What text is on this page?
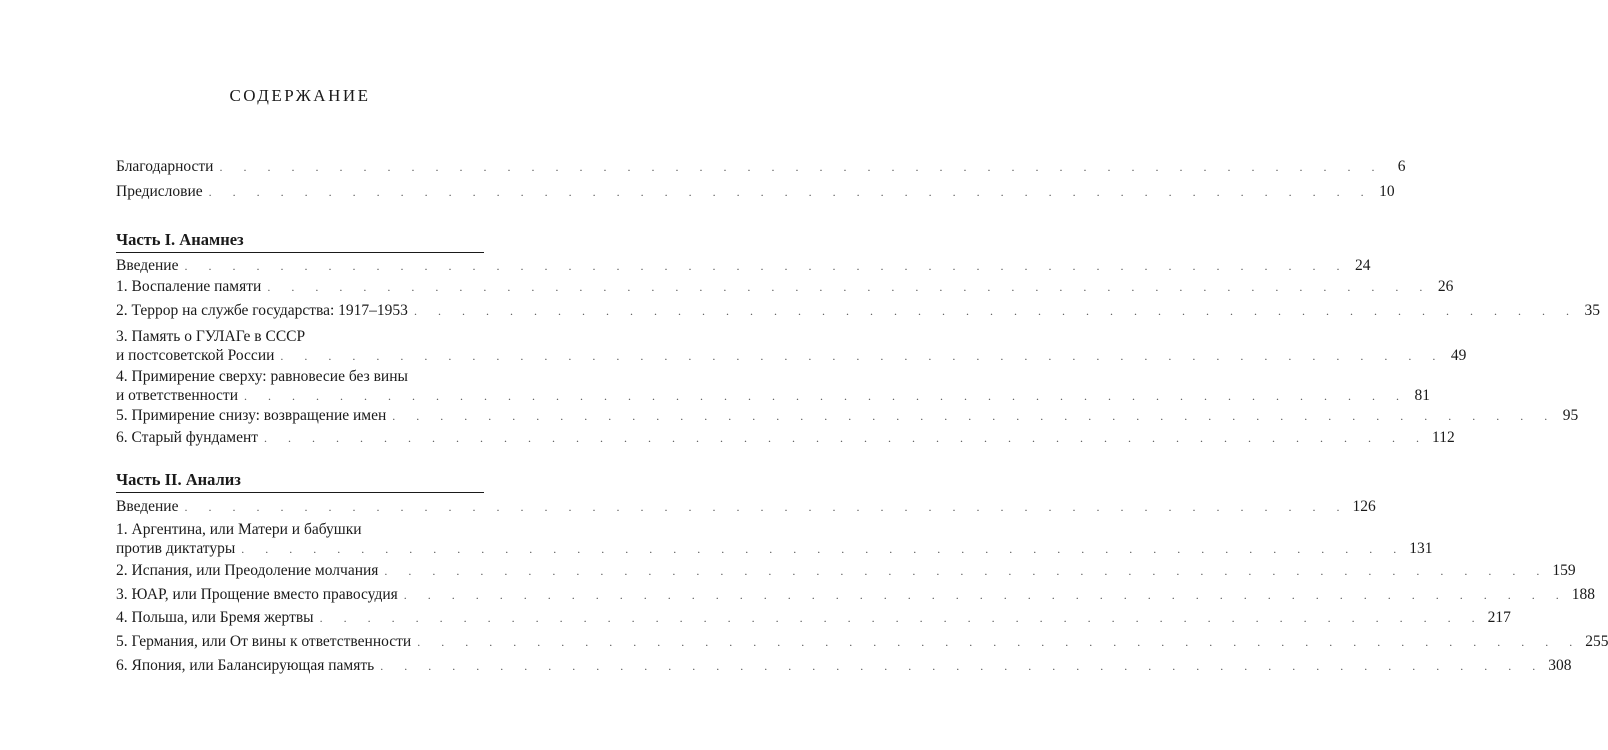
СОДЕРЖАНИЕ
Благодарности . . . . . . . . . . . . . . . . . . . . . . . . . . . . . . . . . . . . . . . . . . . . . . . . . 6
Предисловие . . . . . . . . . . . . . . . . . . . . . . . . . . . . . . . . . . . . . . . . . . . . . . . . . 10
Часть I. Анамнез
Введение . . . . . . . . . . . . . . . . . . . . . . . . . . . . . . . . . . . . . . . . . . . . . . . . . 24
1. Воспаление памяти . . . . . . . . . . . . . . . . . . . . . . . . . . . . . . . . . . . . . . . . . . . . . . . . . 26
2. Террор на службе государства: 1917–1953 . . . . . . . . . . . . . . . . . . . . . . . . . . . . . . . . . . . . . . . . . . . . . . . . . 35
3. Память о ГУЛАГе в СССР
и постсоветской России . . . . . . . . . . . . . . . . . . . . . . . . . . . . . . . . . . . . . . . . . . . . . . . . . 49
4. Примирение сверху: равновесие без вины
и ответственности . . . . . . . . . . . . . . . . . . . . . . . . . . . . . . . . . . . . . . . . . . . . . . . . . 81
5. Примирение снизу: возвращение имен . . . . . . . . . . . . . . . . . . . . . . . . . . . . . . . . . . . . . . . . . . . . . . . . . 95
6. Старый фундамент . . . . . . . . . . . . . . . . . . . . . . . . . . . . . . . . . . . . . . . . . . . . . . . . . 112
Часть II. Анализ
Введение . . . . . . . . . . . . . . . . . . . . . . . . . . . . . . . . . . . . . . . . . . . . . . . . . 126
1. Аргентина, или Матери и бабушки
против диктатуры . . . . . . . . . . . . . . . . . . . . . . . . . . . . . . . . . . . . . . . . . . . . . . . . . 131
2. Испания, или Преодоление молчания . . . . . . . . . . . . . . . . . . . . . . . . . . . . . . . . . . . . . . . . . . . . . . . . . 159
3. ЮАР, или Прощение вместо правосудия . . . . . . . . . . . . . . . . . . . . . . . . . . . . . . . . . . . . . . . . . . . . . . . . . 188
4. Польша, или Бремя жертвы . . . . . . . . . . . . . . . . . . . . . . . . . . . . . . . . . . . . . . . . . . . . . . . . . 217
5. Германия, или От вины к ответственности . . . . . . . . . . . . . . . . . . . . . . . . . . . . . . . . . . . . . . . . . . . . . . . . . 255
6. Япония, или Балансирующая память . . . . . . . . . . . . . . . . . . . . . . . . . . . . . . . . . . . . . . . . . . . . . . . . . 308
